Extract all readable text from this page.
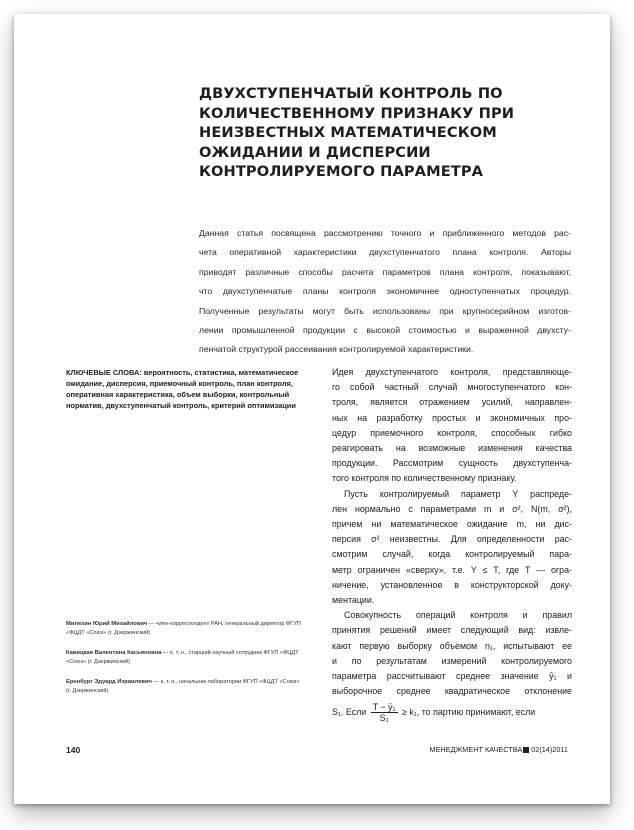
ДВУХСТУПЕНЧАТЫЙ КОНТРОЛЬ ПО
КОЛИЧЕСТВЕННОМУ ПРИЗНАКУ ПРИ
НЕИЗВЕСТНЫХ МАТЕМАТИЧЕСКОМ
ОЖИДАНИИ И ДИСПЕРСИИ
КОНТРОЛИРУЕМОГО ПАРАМЕТРА
Данная статья посвящена рассмотрению точного и приближенного методов рас-
чета оперативной характеристики двухступенчатого плана контроля. Авторы
приводят различные способы расчета параметров плана контроля, показывают,
что двухступенчатые планы контроля экономичнее одноступенчатых процедур.
Полученные результаты могут быть использованы при крупносерийном изготов-
лении промышленной продукции с высокой стоимостью и выраженной двухсту-
пенчатой структурой рассеивания контролируемой характеристики.
КЛЮЧЕВЫЕ СЛОВА: вероятность, статистика, математическое
ожидание, дисперсия, приемочный контроль, план контроля,
оперативная характеристика, объем выборки, контрольный
норматив, двухступенчатый контроль, критерий оптимизации
Идея двухступенчатого контроля, представляюще-
го собой частный случай многоступенчатого кон-
троля, является отражением усилий, направлен-
ных на разработку простых и экономичных про-
цедур приемочного контроля, способных гибко
реагировать на возможные изменения качества
продукции. Рассмотрим сущность двухступенча-
того контроля по количественному признаку.
Пусть контролируемый параметр Y распреде-
лен нормально с параметрами m и σ², N(m, σ²),
причем ни математическое ожидание m, ни дис-
персия σ² неизвестны. Для определенности рас-
смотрим случай, когда контролируемый пара-
метр ограничен «сверху», т.е. Y ≤ T, где T — огра-
ничение, установленное в конструкторской доку-
ментации.
Совокупность операций контроля и правил
принятия решений имеет следующий вид: извле-
кают первую выборку объемом n₁, испытывают ее
и по результатам измерений контролируемого
параметра рассчитывают среднее значение ȳ₁ и
выборочное среднее квадратическое отклонение
S₁. Если $\frac{\text{T − ȳ₁}}{\text{S₁}} \ge k_1$, то партию принимают, если
Милехин Юрий Михайлович — член-корреспондент РАН, генеральный директор ФГУП
«ФЦДТ «Союз» (г. Дзержинский)
Кавицкая Валентина Касьяновна — к. т. н., старший научный сотрудник ФГУП «ФЦДТ
«Союз» (г. Дзержинский)
Еренбург Эдуард Израилевич — к. т. н., начальник лаборатории ФГУП «ФЦДТ «Союз»
(г. Дзержинский)
140	МЕНЕДЖМЕНТ КАЧЕСТВА 02(14)2011
